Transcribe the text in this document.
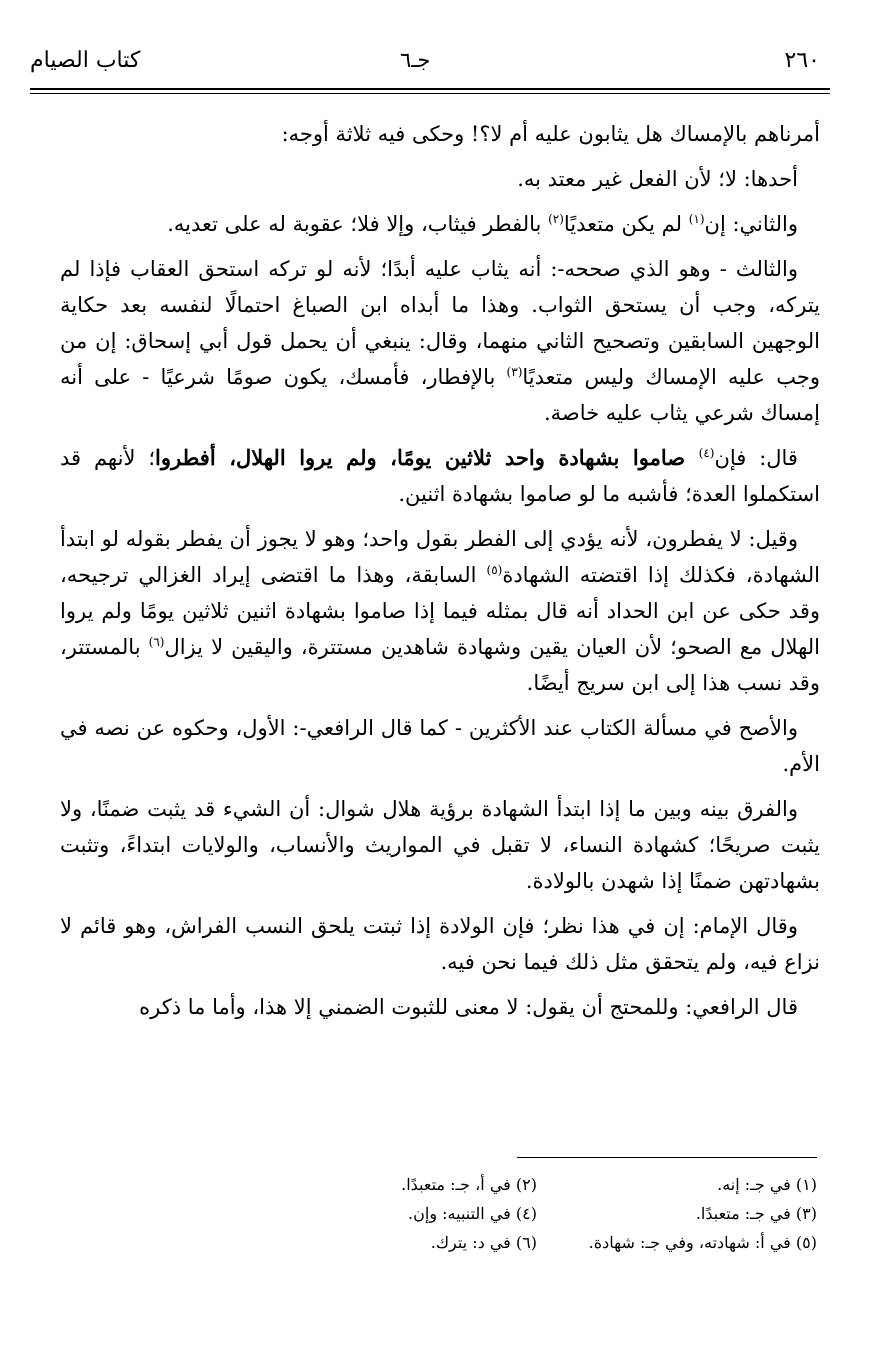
٢٦٠
جـ٦
كتاب الصيام

أمرناهم بالإمساك هل يثابون عليه أم لا؟! وحكى فيه ثلاثة أوجه:

أحدها: لا؛ لأن الفعل غير معتد به.

والثاني: إن$^{(١)}$ لم يكن متعديًا$^{(٢)}$ بالفطر فيثاب، وإلا فلا؛ عقوبة له على تعديه.

والثالث - وهو الذي صححه-: أنه يثاب عليه أبدًا؛ لأنه لو تركه استحق العقاب فإذا لم يتركه، وجب أن يستحق الثواب. وهذا ما أبداه ابن الصباغ احتمالًا لنفسه بعد حكاية الوجهين السابقين وتصحيح الثاني منهما، وقال: ينبغي أن يحمل قول أبي إسحاق: إن من وجب عليه الإمساك وليس متعديًا$^{(٣)}$ بالإفطار، فأمسك، يكون صومًا شرعيًا - على أنه إمساك شرعي يثاب عليه خاصة.

قال: فإن$^{(٤)}$ صاموا بشهادة واحد ثلاثين يومًا، ولم يروا الهلال، أفطروا؛ لأنهم قد استكملوا العدة؛ فأشبه ما لو صاموا بشهادة اثنين.

وقيل: لا يفطرون، لأنه يؤدي إلى الفطر بقول واحد؛ وهو لا يجوز أن يفطر بقوله لو ابتدأ الشهادة، فكذلك إذا اقتضته الشهادة$^{(٥)}$ السابقة، وهذا ما اقتضى إيراد الغزالي ترجيحه، وقد حكى عن ابن الحداد أنه قال بمثله فيما إذا صاموا بشهادة اثنين ثلاثين يومًا ولم يروا الهلال مع الصحو؛ لأن العيان يقين وشهادة شاهدين مستترة، واليقين لا يزال$^{(٦)}$ بالمستتر، وقد نسب هذا إلى ابن سريج أيضًا.

والأصح في مسألة الكتاب عند الأكثرين - كما قال الرافعي-: الأول، وحكوه عن نصه في الأم.

والفرق بينه وبين ما إذا ابتدأ الشهادة برؤية هلال شوال: أن الشيء قد يثبت ضمنًا، ولا يثبت صريحًا؛ كشهادة النساء، لا تقبل في المواريث والأنساب، والولايات ابتداءً، وتثبت بشهادتهن ضمنًا إذا شهدن بالولادة.

وقال الإمام: إن في هذا نظر؛ فإن الولادة إذا ثبتت يلحق النسب الفراش، وهو قائم لا نزاع فيه، ولم يتحقق مثل ذلك فيما نحن فيه.

قال الرافعي: وللمحتج أن يقول: لا معنى للثبوت الضمني إلا هذا، وأما ما ذكره

(١) في جـ: إنه.
(٢) في أ، جـ: متعبدًا.
(٣) في جـ: متعبدًا.
(٤) في التنبيه: وإن.
(٥) في أ: شهادته، وفي جـ: شهادة.
(٦) في د: يترك.
